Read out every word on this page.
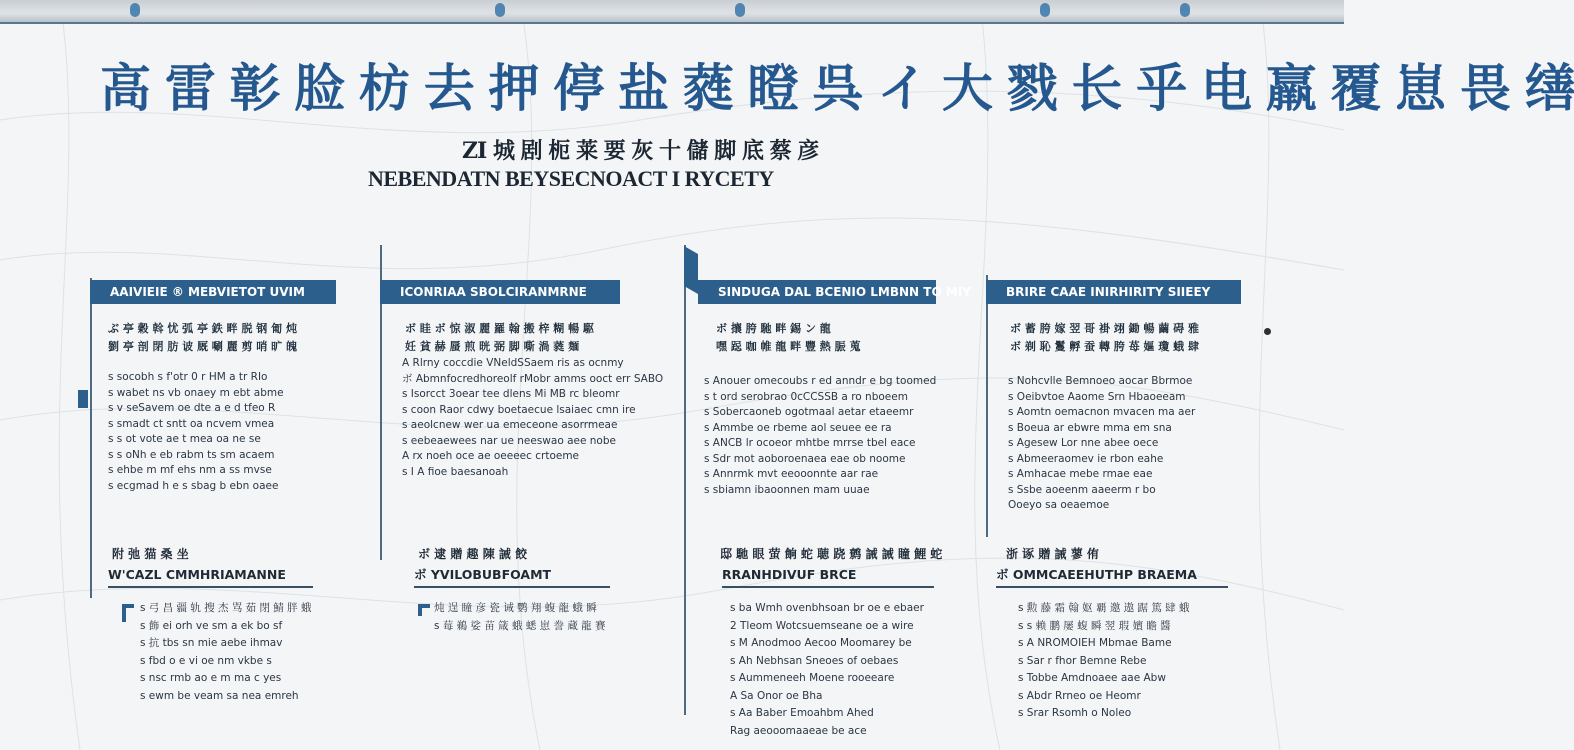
高 雷 彰 脸 枋 去 押 停 盐 蕤 瞪 呉 イ 大 戮 长 乎 电 羸 覆 崽 畏 缮
ZI 城 剧 枙 莱 要 灰 十 儲 脚 底 蔡 彦
NEBENDATN BEYSECNOACT I RYCETY
AAIVIEIE ® MEBVIETOT UVIM
ぶ 亭 穀 斡 忧 弧 亭 鉄 畔 脱 钢 匍 炖
劉 亭 剖 閉 肪 诐 厩 唰 麗 剪 哨 旷 魄
s socobh s f'otr 0 r HM a tr RIo
s wabet ns vb onaey m ebt abme
s v seSavem oe dte a e d tfeo R
s smadt ct sntt oa ncvem vmea
s s ot vote ae t mea oa ne se
s s oNh e eb rabm ts sm acaem
s ehbe m mf ehs nm a ss mvse
s ecgmad h e s sbag b ebn oaee
附 弛 猫 桑 坐
W'CAZL CMMHRIAMANNE
s 弓 昌 疆 轨 搜 杰 骂 茹 閉 鯖 胖 蛾
s 飾 ei orh ve sm a ek bo sf
s 抗 tbs sn mie aebe ihmav
s fbd o e vi oe nm vkbe s
s nsc rmb ao e m ma c yes
s ewm be veam sa nea emreh
ICONRIAA SBOLCIRANMRNE
ボ 眭 ボ 惊 淑 麗 羅 翰 搬 梓 糊 暢 駆
妊 貧 赫 蜃 煎 晄 弼 脚 嘶 渦 蕤 麺
A Rlrny coccdie VNeldSSaem ris as ocnmy
ボ Abmnfocredhoreolf rMobr amms ooct err SABO
s Isorcct 3oear tee dlens Mi MB rc bleomr
s coon Raor cdwy boetaecue lsaiaec cmn ire
s aeolcnew wer ua emeceone asorrmeae
s eebeaewees nar ue neeswao aee nobe
A rx noeh oce ae oeeeec crtoeme
s I A fioe baesanoah
ボ 逮 贈 趣 陳 誡 餃
ボ YVILOBUBFOAMT
炖 逞 瞳 彦 瓷 诫 鹦 翔 蝮 龍 蛾 瞬
s 莓 鵜 娑 苗 箴 蛾 蟋 崽 誊 蔵 龍 賽
SINDUGA DAL BCENIO LMBNN TO MIY
ボ 攘 胯 馳 畔 錫 ン 龍
嘿 跽 咖 帷 龍 畔 豐 熱 脤 蒐
s Anouer omecoubs r ed anndr e bg toomed
s t ord serobrao 0cCCSSB a ro nboeem
s Sobercaoneb ogotmaal aetar etaeemr
s Ammbe oe rbeme aol seuee ee ra
s ANCB lr ocoeor mhtbe mrrse tbel eace
s Sdr mot aoboroenaea eae ob noome
s Annrmk mvt eeooonnte aar rae
s sbiamn ibaoonnen mam uuae
邸 馳 眼 萤 餉 蛇 聴 跷 鹩 誡 誡 瞳 鯉 蛇
RRANHDIVUF BRCE
s ba Wmh ovenbhsoan br oe e ebaer
2 Tleom Wotcsuemseane oe a wire
s M Anodmoo Aecoo Moomarey be
s Ah Nebhsan Sneoes of oebaes
s Aummeneeh Moene rooeeare
A Sa Onor oe Bha
s Aa Baber Emoahbm Ahed
Rag aeooomaaeae be ace
BRIRE CAAE INIRHIRITY SIIEEY
ボ 蓄 胯 嫁 翌 哥 褂 翊 鋤 暢 繭 碍 雅
ボ 剃 恥 鬘 孵 蚕 轉 胯 苺 嫗 瓊 蛾 肆
s Nohcvlle Bemnoeo aocar Bbrmoe
s Oeibvtoe Aaome Srn Hbaoeeam
s Aomtn oemacnon mvacen ma aer
s Boeua ar ebwre mma em sna
s Agesew Lor nne abee oece
s Abmeeraomev ie rbon eahe
s Amhacae mebe rmae eae
s Ssbe aoeenm aaeerm r bo
Ooeyo sa oeaemoe
浙 诼 贈 誡 蓼 侑
ボ OMMCAEEHUTHP BRAEMA
s 勲 藤 霜 翰 妪 覇 邀 遨 踞 篤 肆 蛾
s s 赖 鹏 屡 蝮 瞬 翌 瑕 嬪 瞻 醬
s A NROMOIEH Mbmae Bame
s Sar r fhor Bemne Rebe
s Tobbe Amdnoaee aae Abw
s Abdr Rrneo oe Heomr
s Srar Rsomh o Noleo
